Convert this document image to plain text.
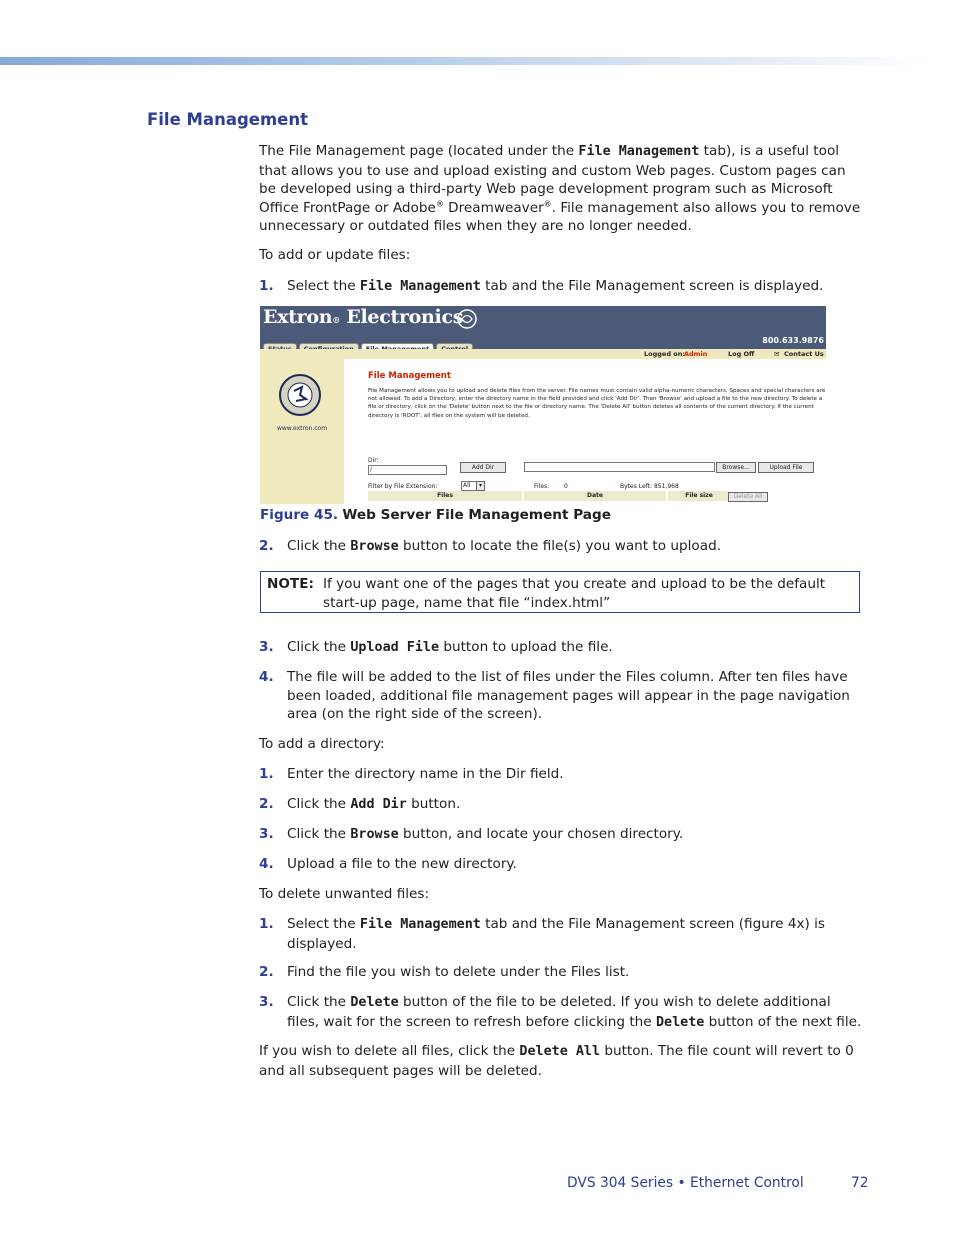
File Management

The File Management page (located under the File Management tab), is a useful tool that allows you to use and upload existing and custom Web pages. Custom pages can be developed using a third-party Web page development program such as Microsoft Office FrontPage or Adobe® Dreamweaver®. File management also allows you to remove unnecessary or outdated files when they are no longer needed.

To add or update files:

1. Select the File Management tab and the File Management screen is displayed.
Extron® Electronics
800.633.9876
Logged on: Admin	Log Off	✉ Contact Us
www.extron.com
File Management
File Management allows you to upload and delete files from the server. File names must contain valid alpha-numeric characters. Spaces and special characters are not allowed. To add a Directory, enter the directory name in the field provided and click 'Add Dir'. Then 'Browse' and upload a file to the new directory. To delete a file or directory, click on the 'Delete' button next to the file or directory name. The 'Delete All' button deletes all contents of the current directory. If the current directory is 'ROOT', all files on the system will be deleted.
Dir:
/	Add Dir	Browse...	Upload File
Filter by File Extension:	All	▾	Files: 0	Bytes Left: 851,968
Files	Date	File size	Delete All
Figure 45. Web Server File Management Page
2. Click the Browse button to locate the file(s) you want to upload.
NOTE: If you want one of the pages that you create and upload to be the default start-up page, name that file “index.html”
3. Click the Upload File button to upload the file.
4. The file will be added to the list of files under the Files column. After ten files have been loaded, additional file management pages will appear in the page navigation area (on the right side of the screen).

To add a directory:

1. Enter the directory name in the Dir field.
2. Click the Add Dir button.
3. Click the Browse button, and locate your chosen directory.
4. Upload a file to the new directory.

To delete unwanted files:

1. Select the File Management tab and the File Management screen (figure 4x) is displayed.
2. Find the file you wish to delete under the Files list.
3. Click the Delete button of the file to be deleted. If you wish to delete additional files, wait for the screen to refresh before clicking the Delete button of the next file.

If you wish to delete all files, click the Delete All button. The file count will revert to 0 and all subsequent pages will be deleted.

DVS 304 Series • Ethernet Control	72
